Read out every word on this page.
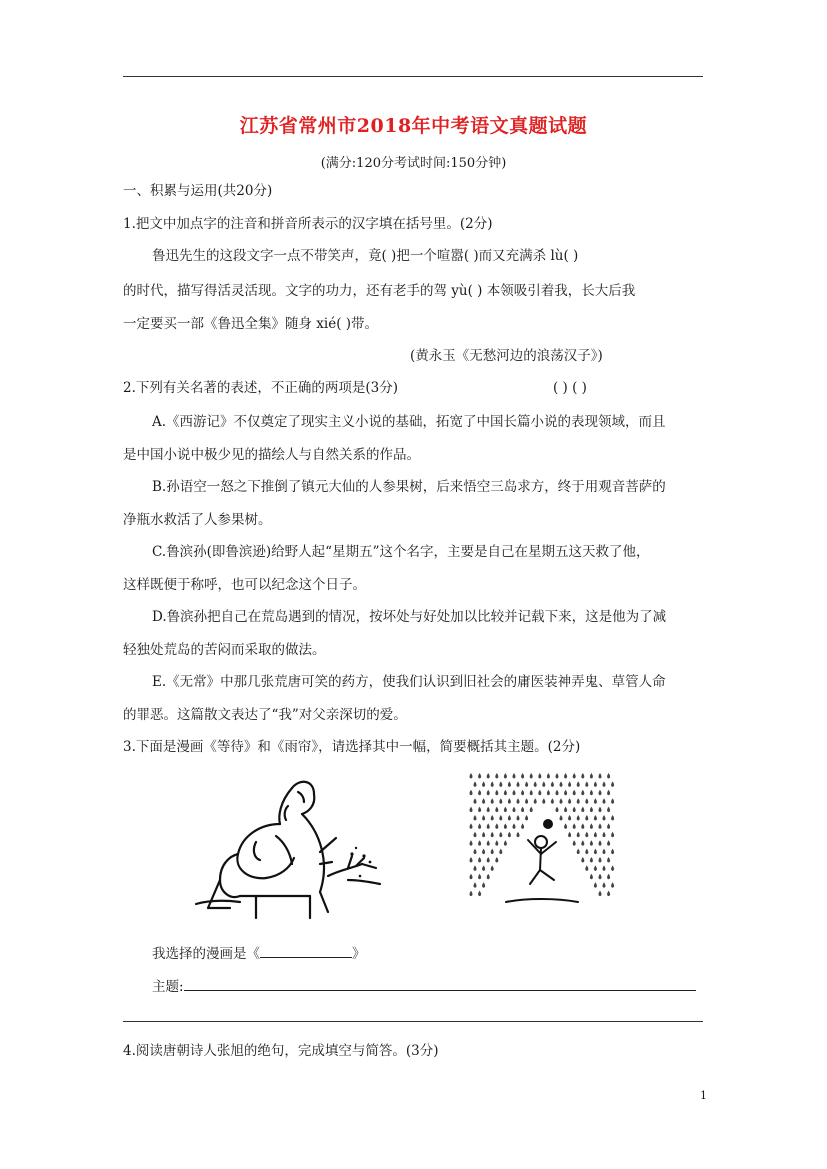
江苏省常州市2018年中考语文真题试题
(满分:120分考试时间:150分钟)
一、积累与运用(共20分)
1.把文中加点字的注音和拼音所表示的汉字填在括号里。(2分)
鲁迅先生的这段文字一点不带笑声，竟( )把一个喧嚣( )而又充满杀 lù( )
的时代，描写得活灵活现。文字的功力，还有老手的驾 yù( ) 本领吸引着我，长大后我
一定要买一部《鲁迅全集》随身 xié( )带。
(黄永玉《无愁河边的浪荡汉子》)
2.下列有关名著的表述，不正确的两项是(3分)	( ) ( )
A.《西游记》不仅奠定了现实主义小说的基础，拓宽了中国长篇小说的表现领域，而且
是中国小说中极少见的描绘人与自然关系的作品。
B.孙语空一怒之下推倒了镇元大仙的人参果树，后来悟空三岛求方，终于用观音菩萨的
净瓶水救活了人参果树。
C.鲁滨孙(即鲁滨逊)给野人起“星期五”这个名字，主要是自己在星期五这天救了他，
这样既便于称呼，也可以纪念这个日子。
D.鲁滨孙把自己在荒岛遇到的情况，按坏处与好处加以比较并记载下来，这是他为了减
轻独处荒岛的苦闷而采取的做法。
E.《无常》中那几张荒唐可笑的药方，使我们认识到旧社会的庸医装神弄鬼、草管人命
的罪恶。这篇散文表达了“我”对父亲深切的爱。
3.下面是漫画《等待》和《雨帘》，请选择其中一幅，简要概括其主题。(2分)
我选择的漫画是《	》
主题:
4.阅读唐朝诗人张旭的绝句，完成填空与简答。(3分)
1
